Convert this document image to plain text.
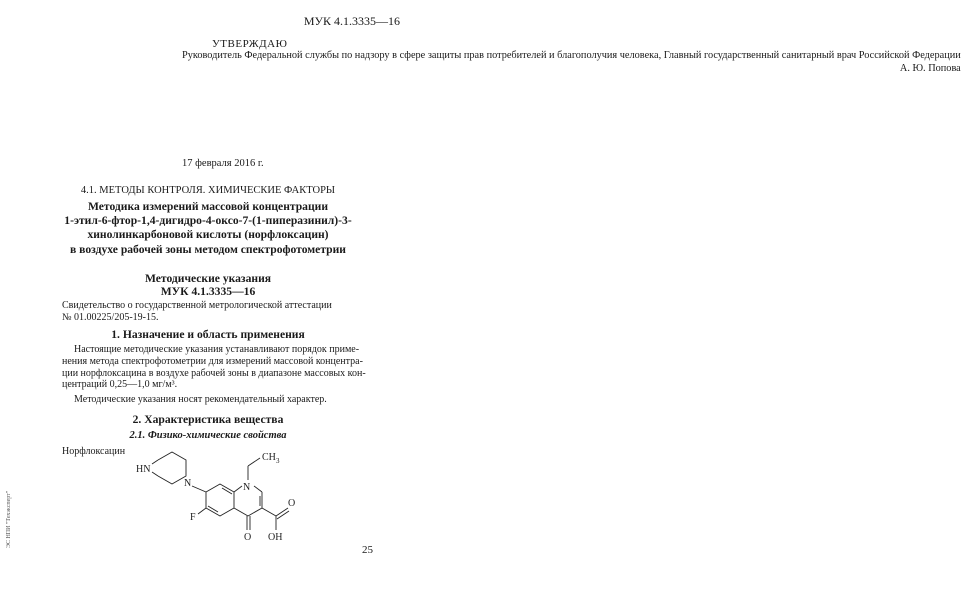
МУК 4.1.3335—16
УТВЕРЖДАЮ
Руководитель Федеральной службы по надзору в сфере защиты прав потребителей и благополучия человека, Главный государственный санитарный врач Российской Федерации
А. Ю. Попова
17 февраля 2016 г.
4.1. МЕТОДЫ КОНТРОЛЯ. ХИМИЧЕСКИЕ ФАКТОРЫ
Методика измерений массовой концентрации
1-этил-6-фтор-1,4-дигидро-4-оксо-7-(1-пиперазинил)-3-
хинолинкарбоновой кислоты (норфлоксацин)
в воздухе рабочей зоны методом спектрофотометрии
Методические указания
МУК 4.1.3335—16
Свидетельство о государственной метрологической аттестации
№ 01.00225/205-19-15.
1. Назначение и область применения
Настоящие методические указания устанавливают порядок приме-
нения метода спектрофотометрии для измерений массовой концентра-
ции норфлоксацина в воздухе рабочей зоны в диапазоне массовых кон-
центраций 0,25—1,0 мг/м³.
Методические указания носят рекомендательный характер.
2. Характеристика вещества
2.1. Физико-химические свойства
Норфлоксацин
HN
N	N
CH 3
F
O
O
OH
25
ЭС НПИ "Техэксперт"
